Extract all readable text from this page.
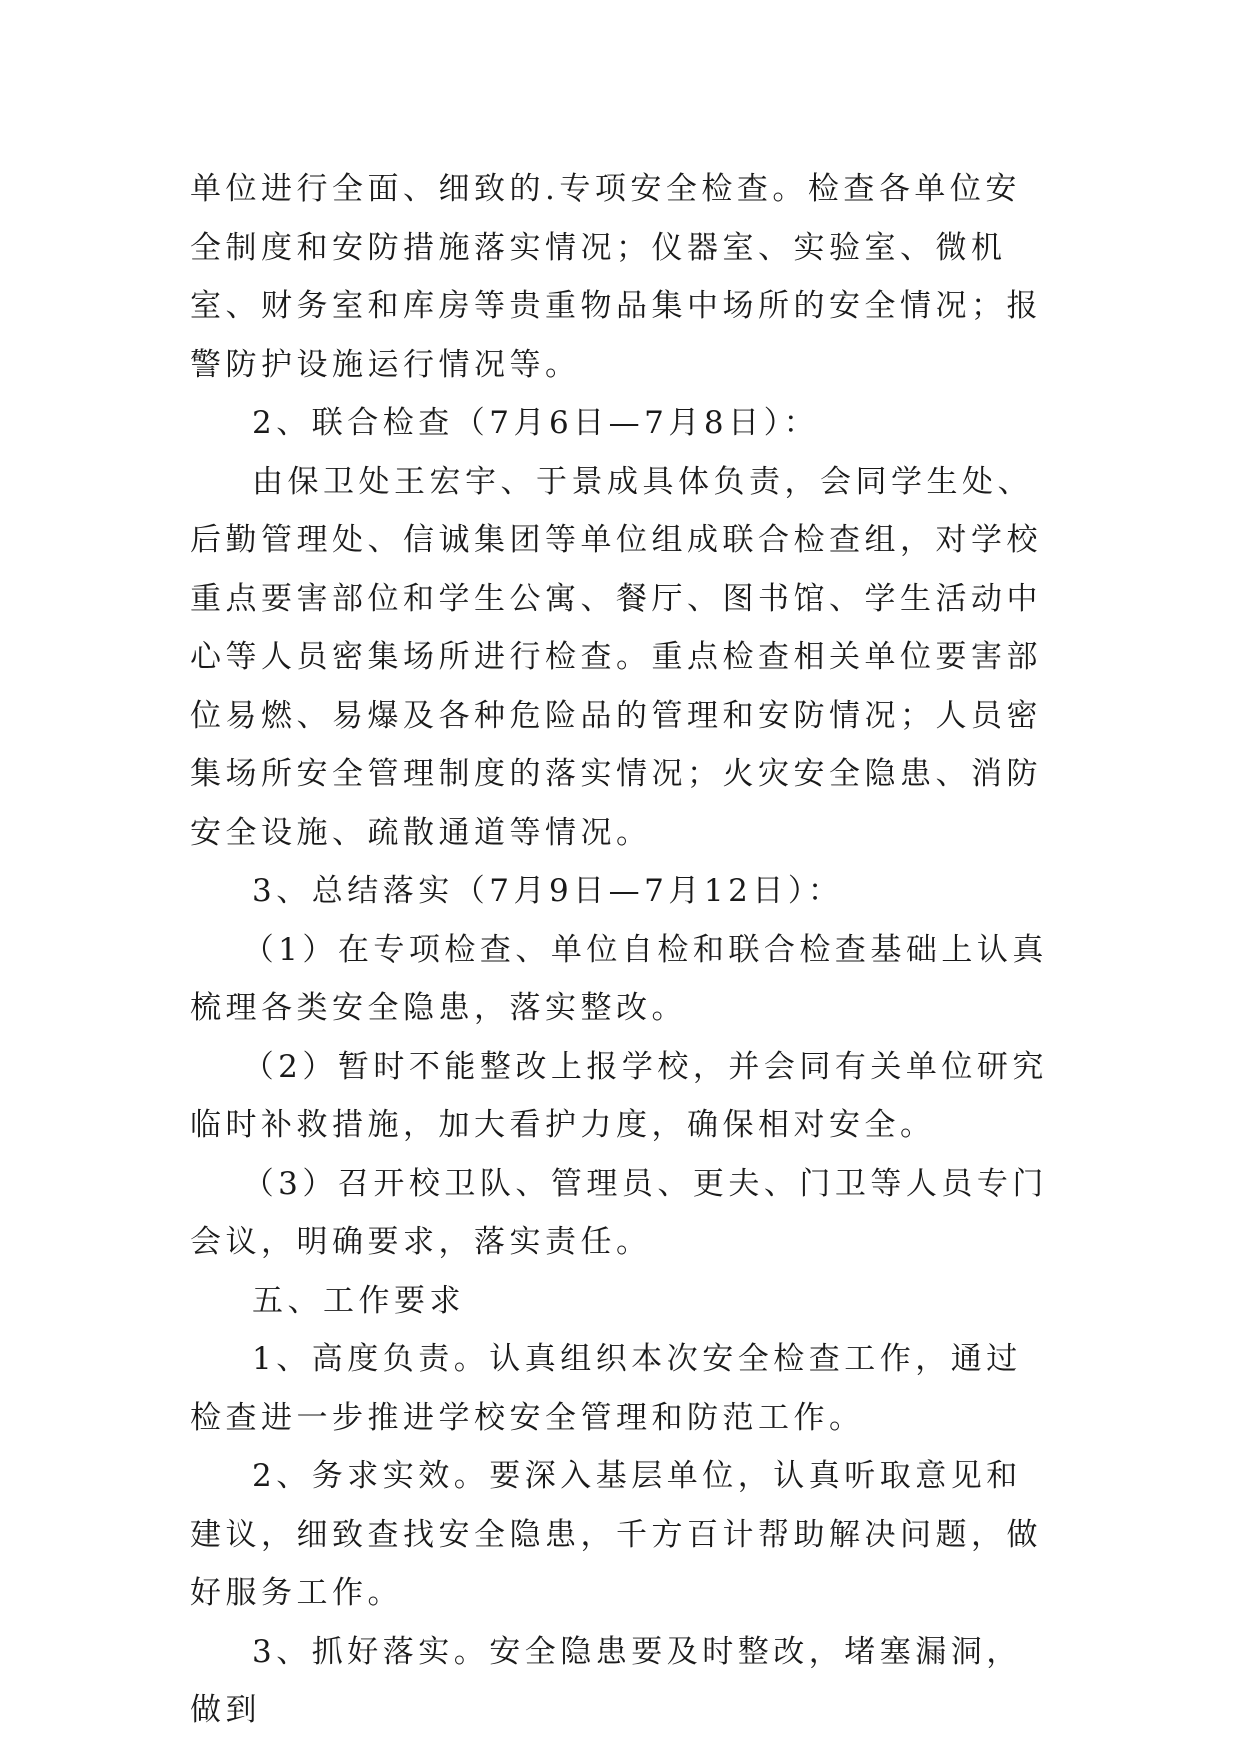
单位进行全面、细致的.专项安全检查。检查各单位安全制度和安防措施落实情况；仪器室、实验室、微机室、财务室和库房等贵重物品集中场所的安全情况；报警防护设施运行情况等。

2、联合检查（7月6日—7月8日）：

由保卫处王宏宇、于景成具体负责，会同学生处、后勤管理处、信诚集团等单位组成联合检查组，对学校重点要害部位和学生公寓、餐厅、图书馆、学生活动中心等人员密集场所进行检查。重点检查相关单位要害部位易燃、易爆及各种危险品的管理和安防情况；人员密集场所安全管理制度的落实情况；火灾安全隐患、消防安全设施、疏散通道等情况。

3、总结落实（7月9日—7月12日）：

（1）在专项检查、单位自检和联合检查基础上认真梳理各类安全隐患，落实整改。

（2）暂时不能整改上报学校，并会同有关单位研究临时补救措施，加大看护力度，确保相对安全。

（3）召开校卫队、管理员、更夫、门卫等人员专门会议，明确要求，落实责任。

五、工作要求

1、高度负责。认真组织本次安全检查工作，通过检查进一步推进学校安全管理和防范工作。

2、务求实效。要深入基层单位，认真听取意见和建议，细致查找安全隐患，千方百计帮助解决问题，做好服务工作。

3、抓好落实。安全隐患要及时整改，堵塞漏洞，做到
